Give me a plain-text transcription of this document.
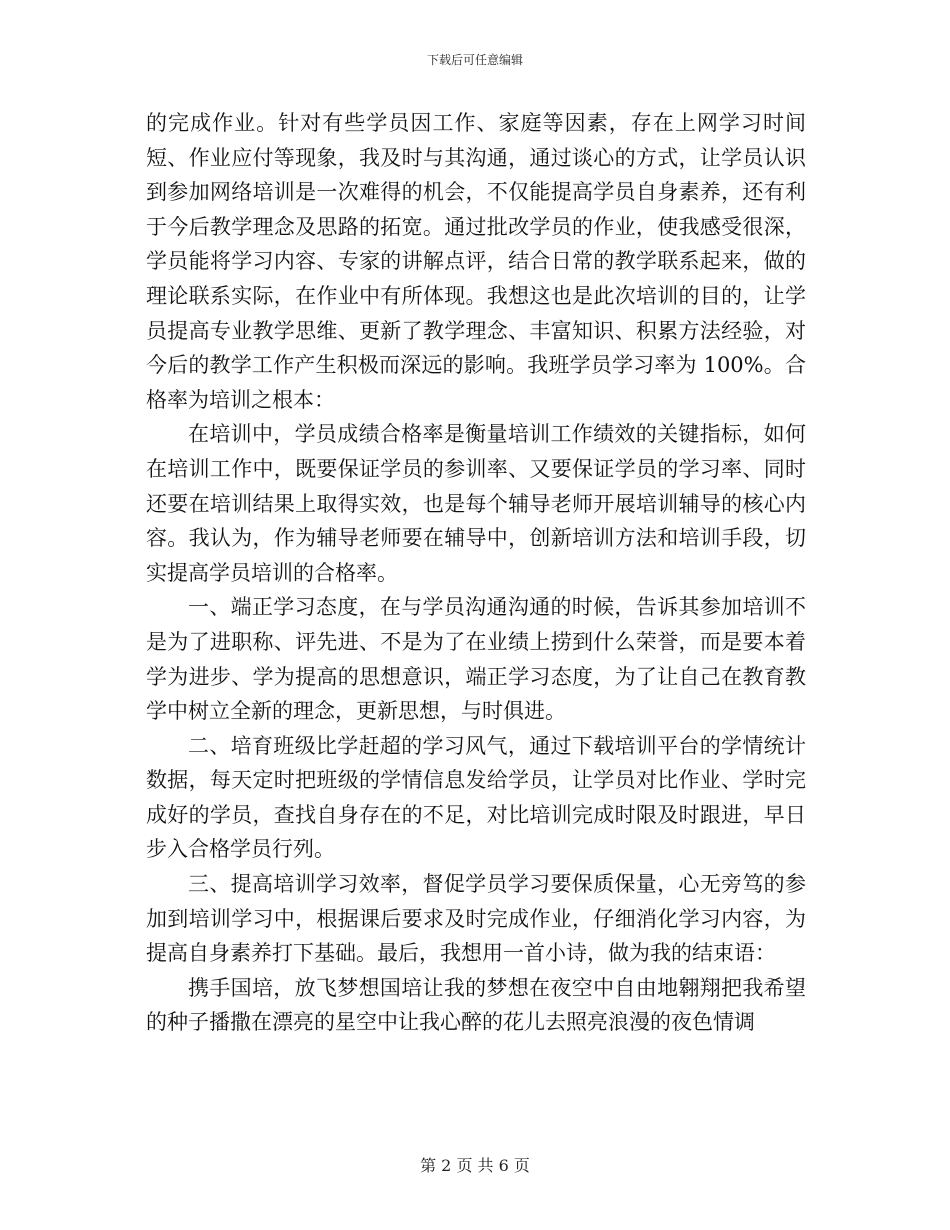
下载后可任意编辑

的完成作业。针对有些学员因工作、家庭等因素，存在上网学习时间短、作业应付等现象，我及时与其沟通，通过谈心的方式，让学员认识到参加网络培训是一次难得的机会，不仅能提高学员自身素养，还有利于今后教学理念及思路的拓宽。通过批改学员的作业，使我感受很深，学员能将学习内容、专家的讲解点评，结合日常的教学联系起来，做的理论联系实际，在作业中有所体现。我想这也是此次培训的目的，让学员提高专业教学思维、更新了教学理念、丰富知识、积累方法经验，对今后的教学工作产生积极而深远的影响。我班学员学习率为 100%。合格率为培训之根本：

在培训中，学员成绩合格率是衡量培训工作绩效的关键指标，如何在培训工作中，既要保证学员的参训率、又要保证学员的学习率、同时还要在培训结果上取得实效，也是每个辅导老师开展培训辅导的核心内容。我认为，作为辅导老师要在辅导中，创新培训方法和培训手段，切实提高学员培训的合格率。

一、端正学习态度，在与学员沟通沟通的时候，告诉其参加培训不是为了进职称、评先进、不是为了在业绩上捞到什么荣誉，而是要本着学为进步、学为提高的思想意识，端正学习态度，为了让自己在教育教学中树立全新的理念，更新思想，与时俱进。

二、培育班级比学赶超的学习风气，通过下载培训平台的学情统计数据，每天定时把班级的学情信息发给学员，让学员对比作业、学时完成好的学员，查找自身存在的不足，对比培训完成时限及时跟进，早日步入合格学员行列。

三、提高培训学习效率，督促学员学习要保质保量，心无旁笃的参加到培训学习中，根据课后要求及时完成作业，仔细消化学习内容，为提高自身素养打下基础。最后，我想用一首小诗，做为我的结束语：

携手国培，放飞梦想国培让我的梦想在夜空中自由地翱翔把我希望的种子播撒在漂亮的星空中让我心醉的花儿去照亮浪漫的夜色情调

第 2 页 共 6 页
